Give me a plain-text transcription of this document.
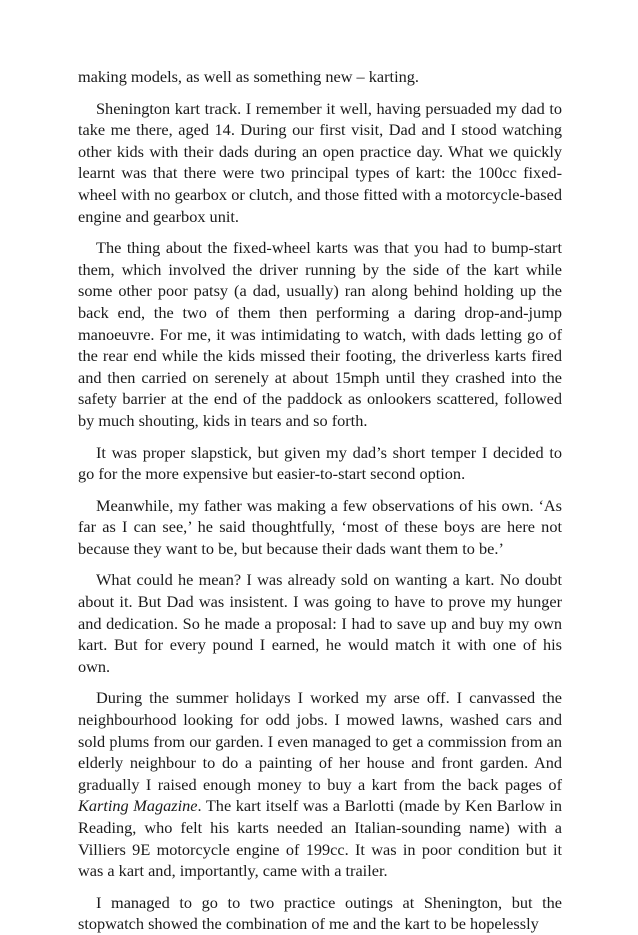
making models, as well as something new – karting.

Shenington kart track. I remember it well, having persuaded my dad to take me there, aged 14. During our first visit, Dad and I stood watching other kids with their dads during an open practice day. What we quickly learnt was that there were two principal types of kart: the 100cc fixed-wheel with no gearbox or clutch, and those fitted with a motorcycle-based engine and gearbox unit.

The thing about the fixed-wheel karts was that you had to bump-start them, which involved the driver running by the side of the kart while some other poor patsy (a dad, usually) ran along behind holding up the back end, the two of them then performing a daring drop-and-jump manoeuvre. For me, it was intimidating to watch, with dads letting go of the rear end while the kids missed their footing, the driverless karts fired and then carried on serenely at about 15mph until they crashed into the safety barrier at the end of the paddock as onlookers scattered, followed by much shouting, kids in tears and so forth.

It was proper slapstick, but given my dad’s short temper I decided to go for the more expensive but easier-to-start second option.

Meanwhile, my father was making a few observations of his own. ‘As far as I can see,’ he said thoughtfully, ‘most of these boys are here not because they want to be, but because their dads want them to be.’

What could he mean? I was already sold on wanting a kart. No doubt about it. But Dad was insistent. I was going to have to prove my hunger and dedication. So he made a proposal: I had to save up and buy my own kart. But for every pound I earned, he would match it with one of his own.

During the summer holidays I worked my arse off. I canvassed the neighbourhood looking for odd jobs. I mowed lawns, washed cars and sold plums from our garden. I even managed to get a commission from an elderly neighbour to do a painting of her house and front garden. And gradually I raised enough money to buy a kart from the back pages of Karting Magazine. The kart itself was a Barlotti (made by Ken Barlow in Reading, who felt his karts needed an Italian-sounding name) with a Villiers 9E motorcycle engine of 199cc. It was in poor condition but it was a kart and, importantly, came with a trailer.

I managed to go to two practice outings at Shenington, but the stopwatch showed the combination of me and the kart to be hopelessly
